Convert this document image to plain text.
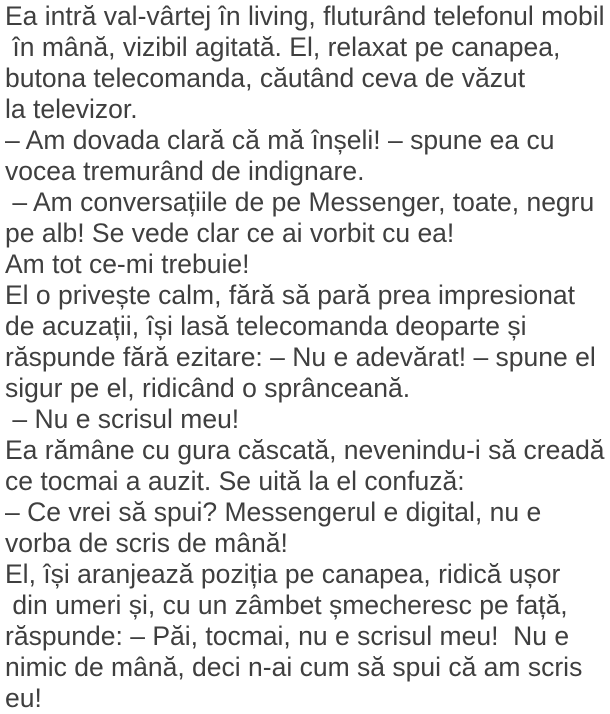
Ea intră val-vârtej în living, fluturând telefonul mobil
în mână, vizibil agitată. El, relaxat pe canapea,
butona telecomanda, căutând ceva de văzut
la televizor.
– Am dovada clară că mă înșeli! – spune ea cu
vocea tremurând de indignare.
– Am conversațiile de pe Messenger, toate, negru
pe alb! Se vede clar ce ai vorbit cu ea!
Am tot ce-mi trebuie!
El o privește calm, fără să pară prea impresionat
de acuzații, își lasă telecomanda deoparte și
răspunde fără ezitare: – Nu e adevărat! – spune el
sigur pe el, ridicând o sprânceană.
– Nu e scrisul meu!
Ea rămâne cu gura căscată, nevenindu-i să creadă
ce tocmai a auzit. Se uită la el confuză:
– Ce vrei să spui? Messengerul e digital, nu e
vorba de scris de mână!
El, își aranjează poziția pe canapea, ridică ușor
din umeri și, cu un zâmbet șmecheresc pe față,
răspunde: – Păi, tocmai, nu e scrisul meu!  Nu e
nimic de mână, deci n-ai cum să spui că am scris
eu!
